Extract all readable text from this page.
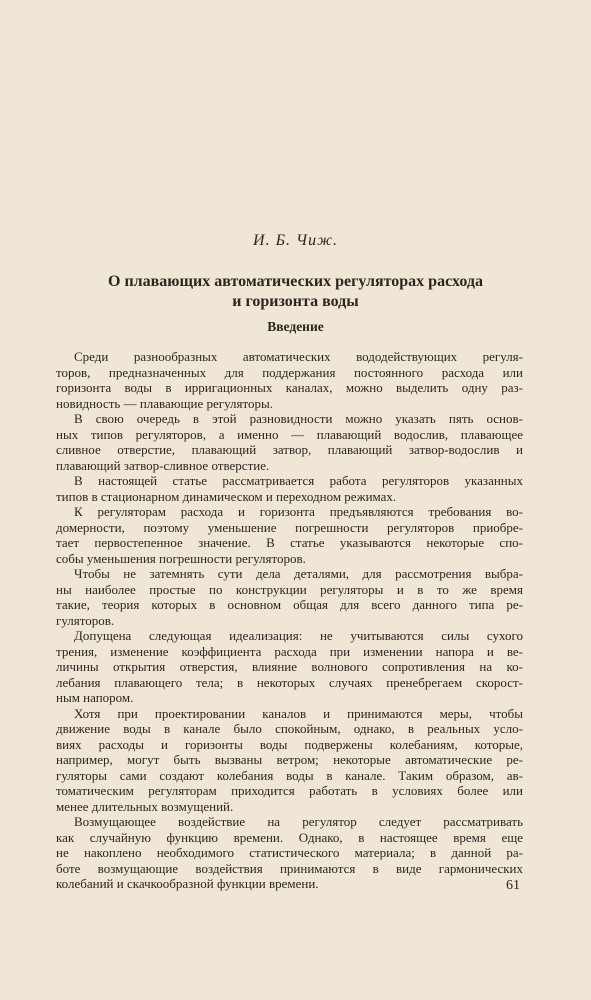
И. Б. Чиж.
О плавающих автоматических регуляторах расхода
и горизонта воды
Введение

Среди разнообразных автоматических вододействующих регуля-
торов, предназначенных для поддержания постоянного расхода или
горизонта воды в ирригационных каналах, можно выделить одну раз-
новидность — плавающие регуляторы.

В свою очередь в этой разновидности можно указать пять основ-
ных типов регуляторов, а именно — плавающий водослив, плавающее
сливное отверстие, плавающий затвор, плавающий затвор-водослив и
плавающий затвор-сливное отверстие.

В настоящей статье рассматривается работа регуляторов указанных
типов в стационарном динамическом и переходном режимах.

К регуляторам расхода и горизонта предъявляются требования во-
домерности, поэтому уменьшение погрешности регуляторов приобре-
тает первостепенное значение. В статье указываются некоторые спо-
собы уменьшения погрешности регуляторов.

Чтобы не затемнять сути дела деталями, для рассмотрения выбра-
ны наиболее простые по конструкции регуляторы и в то же время
такие, теория которых в основном общая для всего данного типа ре-
гуляторов.

Допущена следующая идеализация: не учитываются силы сухого
трения, изменение коэффициента расхода при изменении напора и ве-
личины открытия отверстия, влияние волнового сопротивления на ко-
лебания плавающего тела; в некоторых случаях пренебрегаем скорост-
ным напором.

Хотя при проектировании каналов и принимаются меры, чтобы
движение воды в канале было спокойным, однако, в реальных усло-
виях расходы и горизонты воды подвержены колебаниям, которые,
например, могут быть вызваны ветром; некоторые автоматические ре-
гуляторы сами создают колебания воды в канале. Таким образом, ав-
томатическим регуляторам приходится работать в условиях более или
менее длительных возмущений.

Возмущающее воздействие на регулятор следует рассматривать
как случайную функцию времени. Однако, в настоящее время еще
не накоплено необходимого статистического материала; в данной ра-
боте возмущающие воздействия принимаются в виде гармонических
колебаний и скачкообразной функции времени.	61
